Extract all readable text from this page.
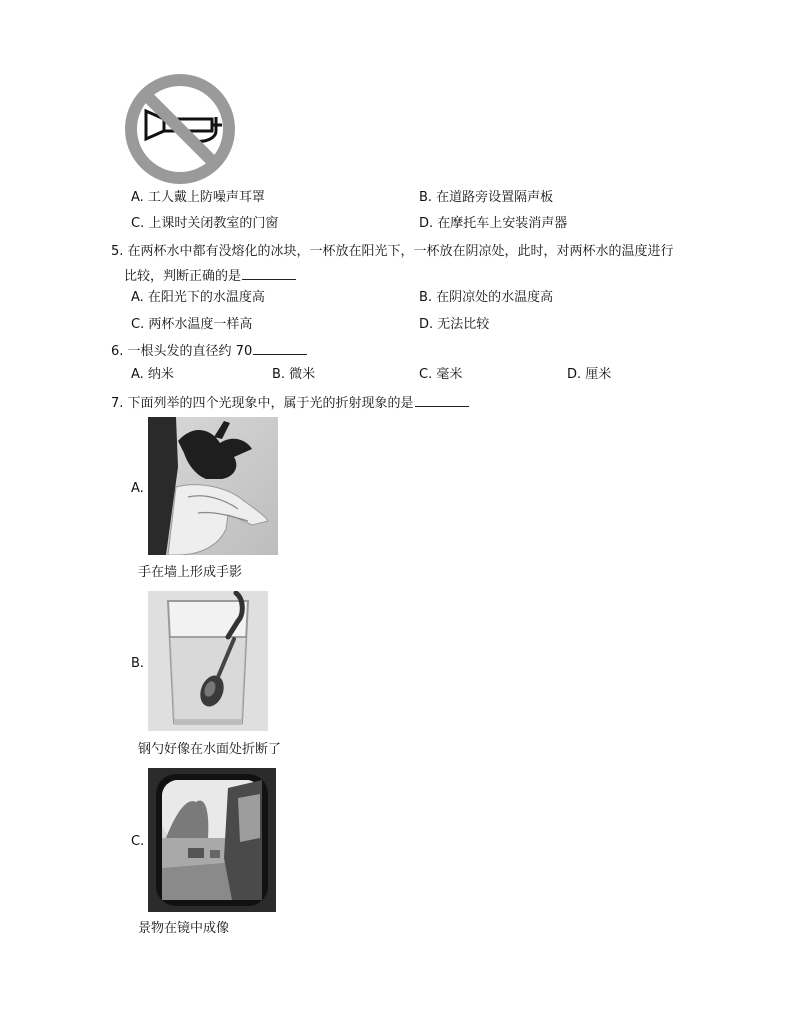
A. 工人戴上防噪声耳罩	B. 在道路旁设置隔声板
C. 上课时关闭教室的门窗	D. 在摩托车上安装消声器
5. 在两杯水中都有没熔化的冰块，一杯放在阳光下，一杯放在阴凉处，此时，对两杯水的温度进行
比较，判断正确的是
A. 在阳光下的水温度高	B. 在阴凉处的水温度高
C. 两杯水温度一样高	D. 无法比较
6. 一根头发的直径约 70
A. 纳米	B. 微米	C. 毫米	D. 厘米
7. 下面列举的四个光现象中，属于光的折射现象的是
A.
手在墙上形成手影
B.
钢勺好像在水面处折断了
C.
景物在镜中成像
